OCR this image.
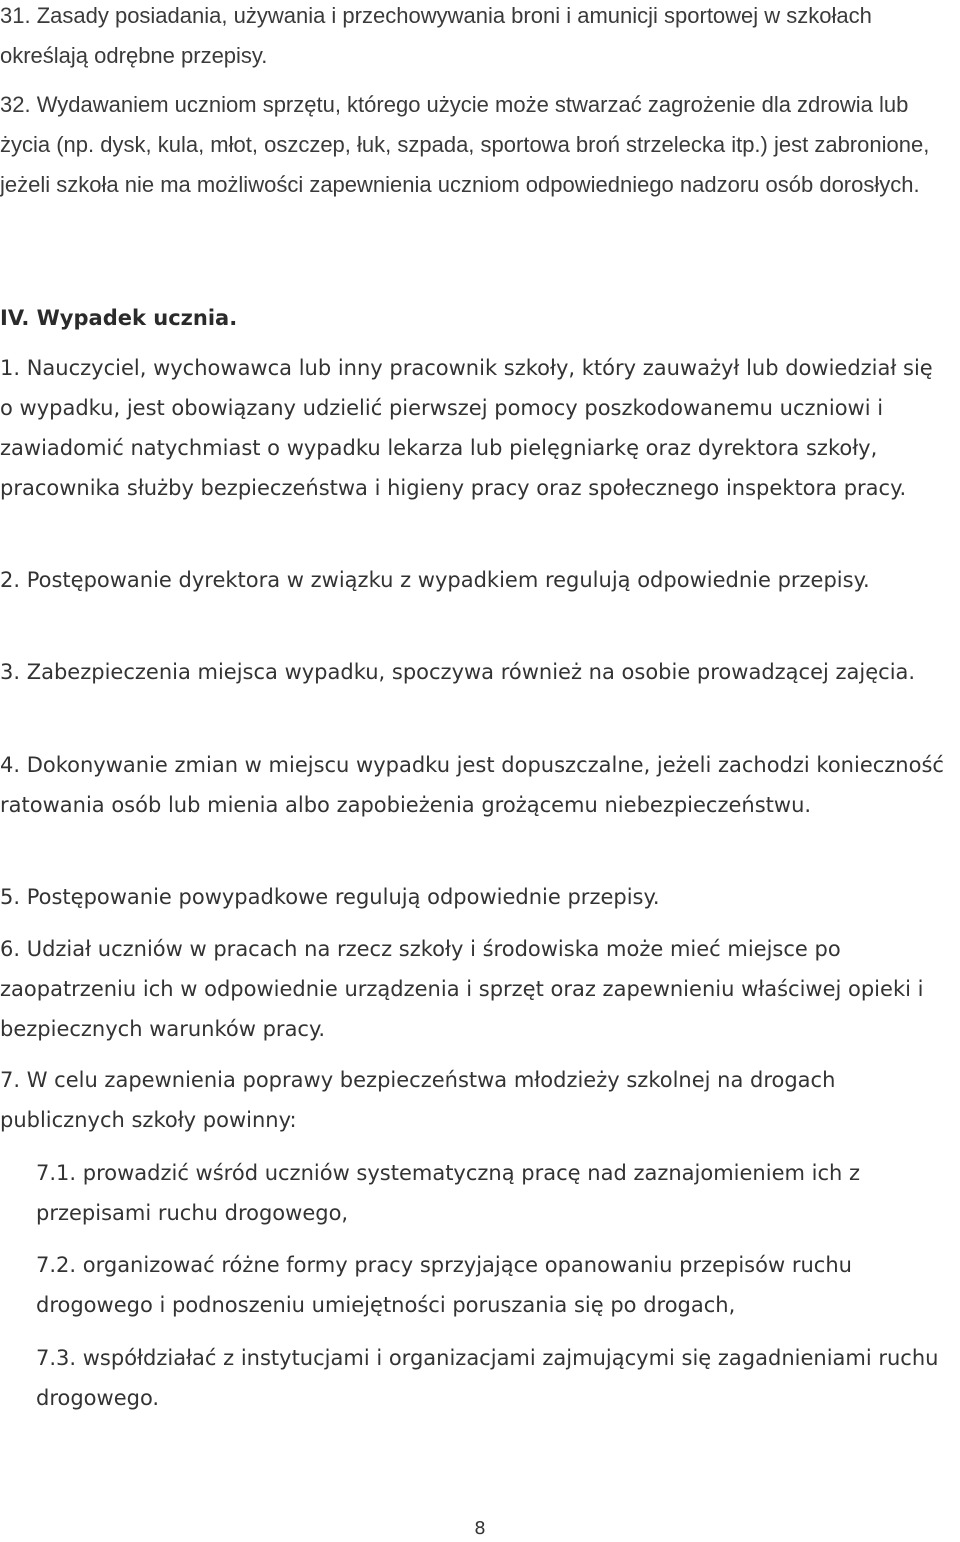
31. Zasady posiadania, używania i przechowywania broni i amunicji sportowej w szkołach określają odrębne przepisy.

32. Wydawaniem uczniom sprzętu, którego użycie może stwarzać zagrożenie dla zdrowia lub życia (np. dysk, kula, młot, oszczep, łuk, szpada, sportowa broń strzelecka itp.) jest zabronione, jeżeli szkoła nie ma możliwości zapewnienia uczniom odpowiedniego nadzoru osób dorosłych.

IV. Wypadek ucznia.

1. Nauczyciel, wychowawca lub inny pracownik szkoły, który zauważył lub dowiedział się o wypadku, jest obowiązany udzielić pierwszej pomocy poszkodowanemu uczniowi i zawiadomić natychmiast o wypadku lekarza lub pielęgniarkę oraz dyrektora szkoły, pracownika służby bezpieczeństwa i higieny pracy oraz społecznego inspektora pracy.

2. Postępowanie dyrektora w związku z wypadkiem regulują odpowiednie przepisy.

3. Zabezpieczenia miejsca wypadku, spoczywa również na osobie prowadzącej zajęcia.

4. Dokonywanie zmian w miejscu wypadku jest dopuszczalne, jeżeli zachodzi konieczność ratowania osób lub mienia albo zapobieżenia grożącemu niebezpieczeństwu.

5. Postępowanie powypadkowe regulują odpowiednie przepisy.

6. Udział uczniów w pracach na rzecz szkoły i środowiska może mieć miejsce po zaopatrzeniu ich w odpowiednie urządzenia i sprzęt oraz zapewnieniu właściwej opieki i bezpiecznych warunków pracy.

7. W celu zapewnienia poprawy bezpieczeństwa młodzieży szkolnej na drogach publicznych szkoły powinny:

7.1. prowadzić wśród uczniów systematyczną pracę nad zaznajomieniem ich z przepisami ruchu drogowego,

7.2. organizować różne formy pracy sprzyjające opanowaniu przepisów ruchu drogowego i podnoszeniu umiejętności poruszania się po drogach,

7.3. współdziałać z instytucjami i organizacjami zajmującymi się zagadnieniami ruchu drogowego.

8
